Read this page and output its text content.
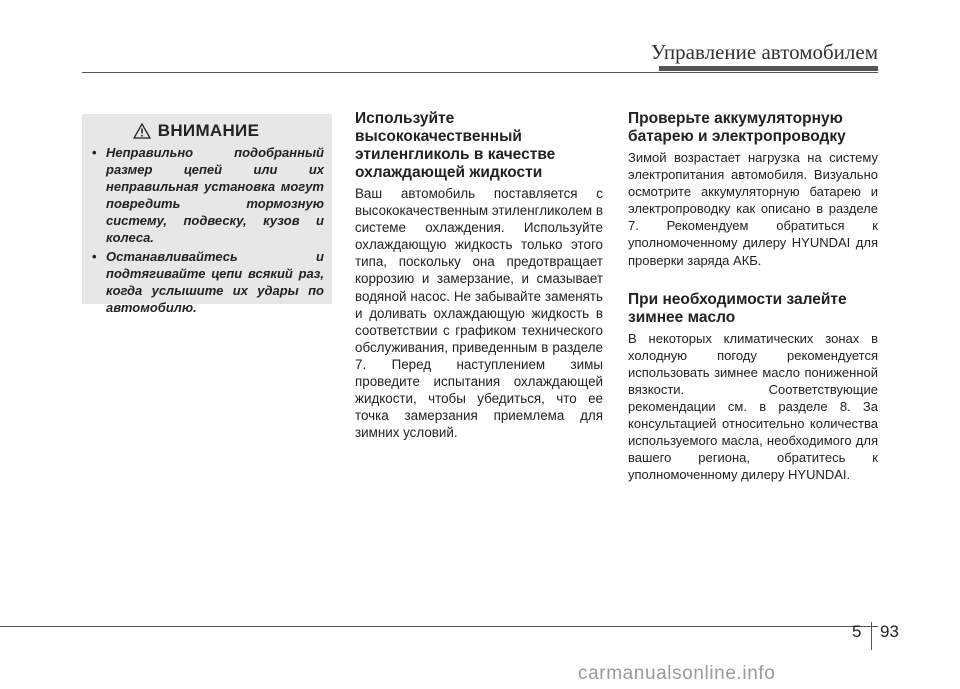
Управление автомобилем
ВНИМАНИЕ
• Неправильно подобранный размер цепей или их неправильная установка могут повредить тормозную систему, подвеску, кузов и колеса.
• Останавливайтесь и подтягивайте цепи всякий раз, когда услышите их удары по автомобилю.
Используйте высококачественный этиленгликоль в качестве охлаждающей жидкости

Ваш автомобиль поставляется с высококачественным этиленгликолем в системе охлаждения. Используйте охлаждающую жидкость только этого типа, поскольку она предотвращает коррозию и замерзание, и смазывает водяной насос. Не забывайте заменять и доливать охлаждающую жидкость в соответствии с графиком технического обслуживания, приведенным в разделе 7. Перед наступлением зимы проведите испытания охлаждающей жидкости, чтобы убедиться, что ее точка замерзания приемлема для зимних условий.

Проверьте аккумуляторную батарею и электропроводку

Зимой возрастает нагрузка на систему электропитания автомобиля. Визуально осмотрите аккумуляторную батарею и электропроводку как описано в разделе 7. Рекомендуем обратиться к уполномоченному дилеру HYUNDAI для проверки заряда АКБ.

При необходимости залейте зимнее масло

В некоторых климатических зонах в холодную погоду рекомендуется использовать зимнее масло пониженной вязкости. Соответствующие рекомендации см. в разделе 8. За консультацией относительно количества используемого масла, необходимого для вашего региона, обратитесь к уполномоченному дилеру HYUNDAI.

5 93
carmanualsonline.info
